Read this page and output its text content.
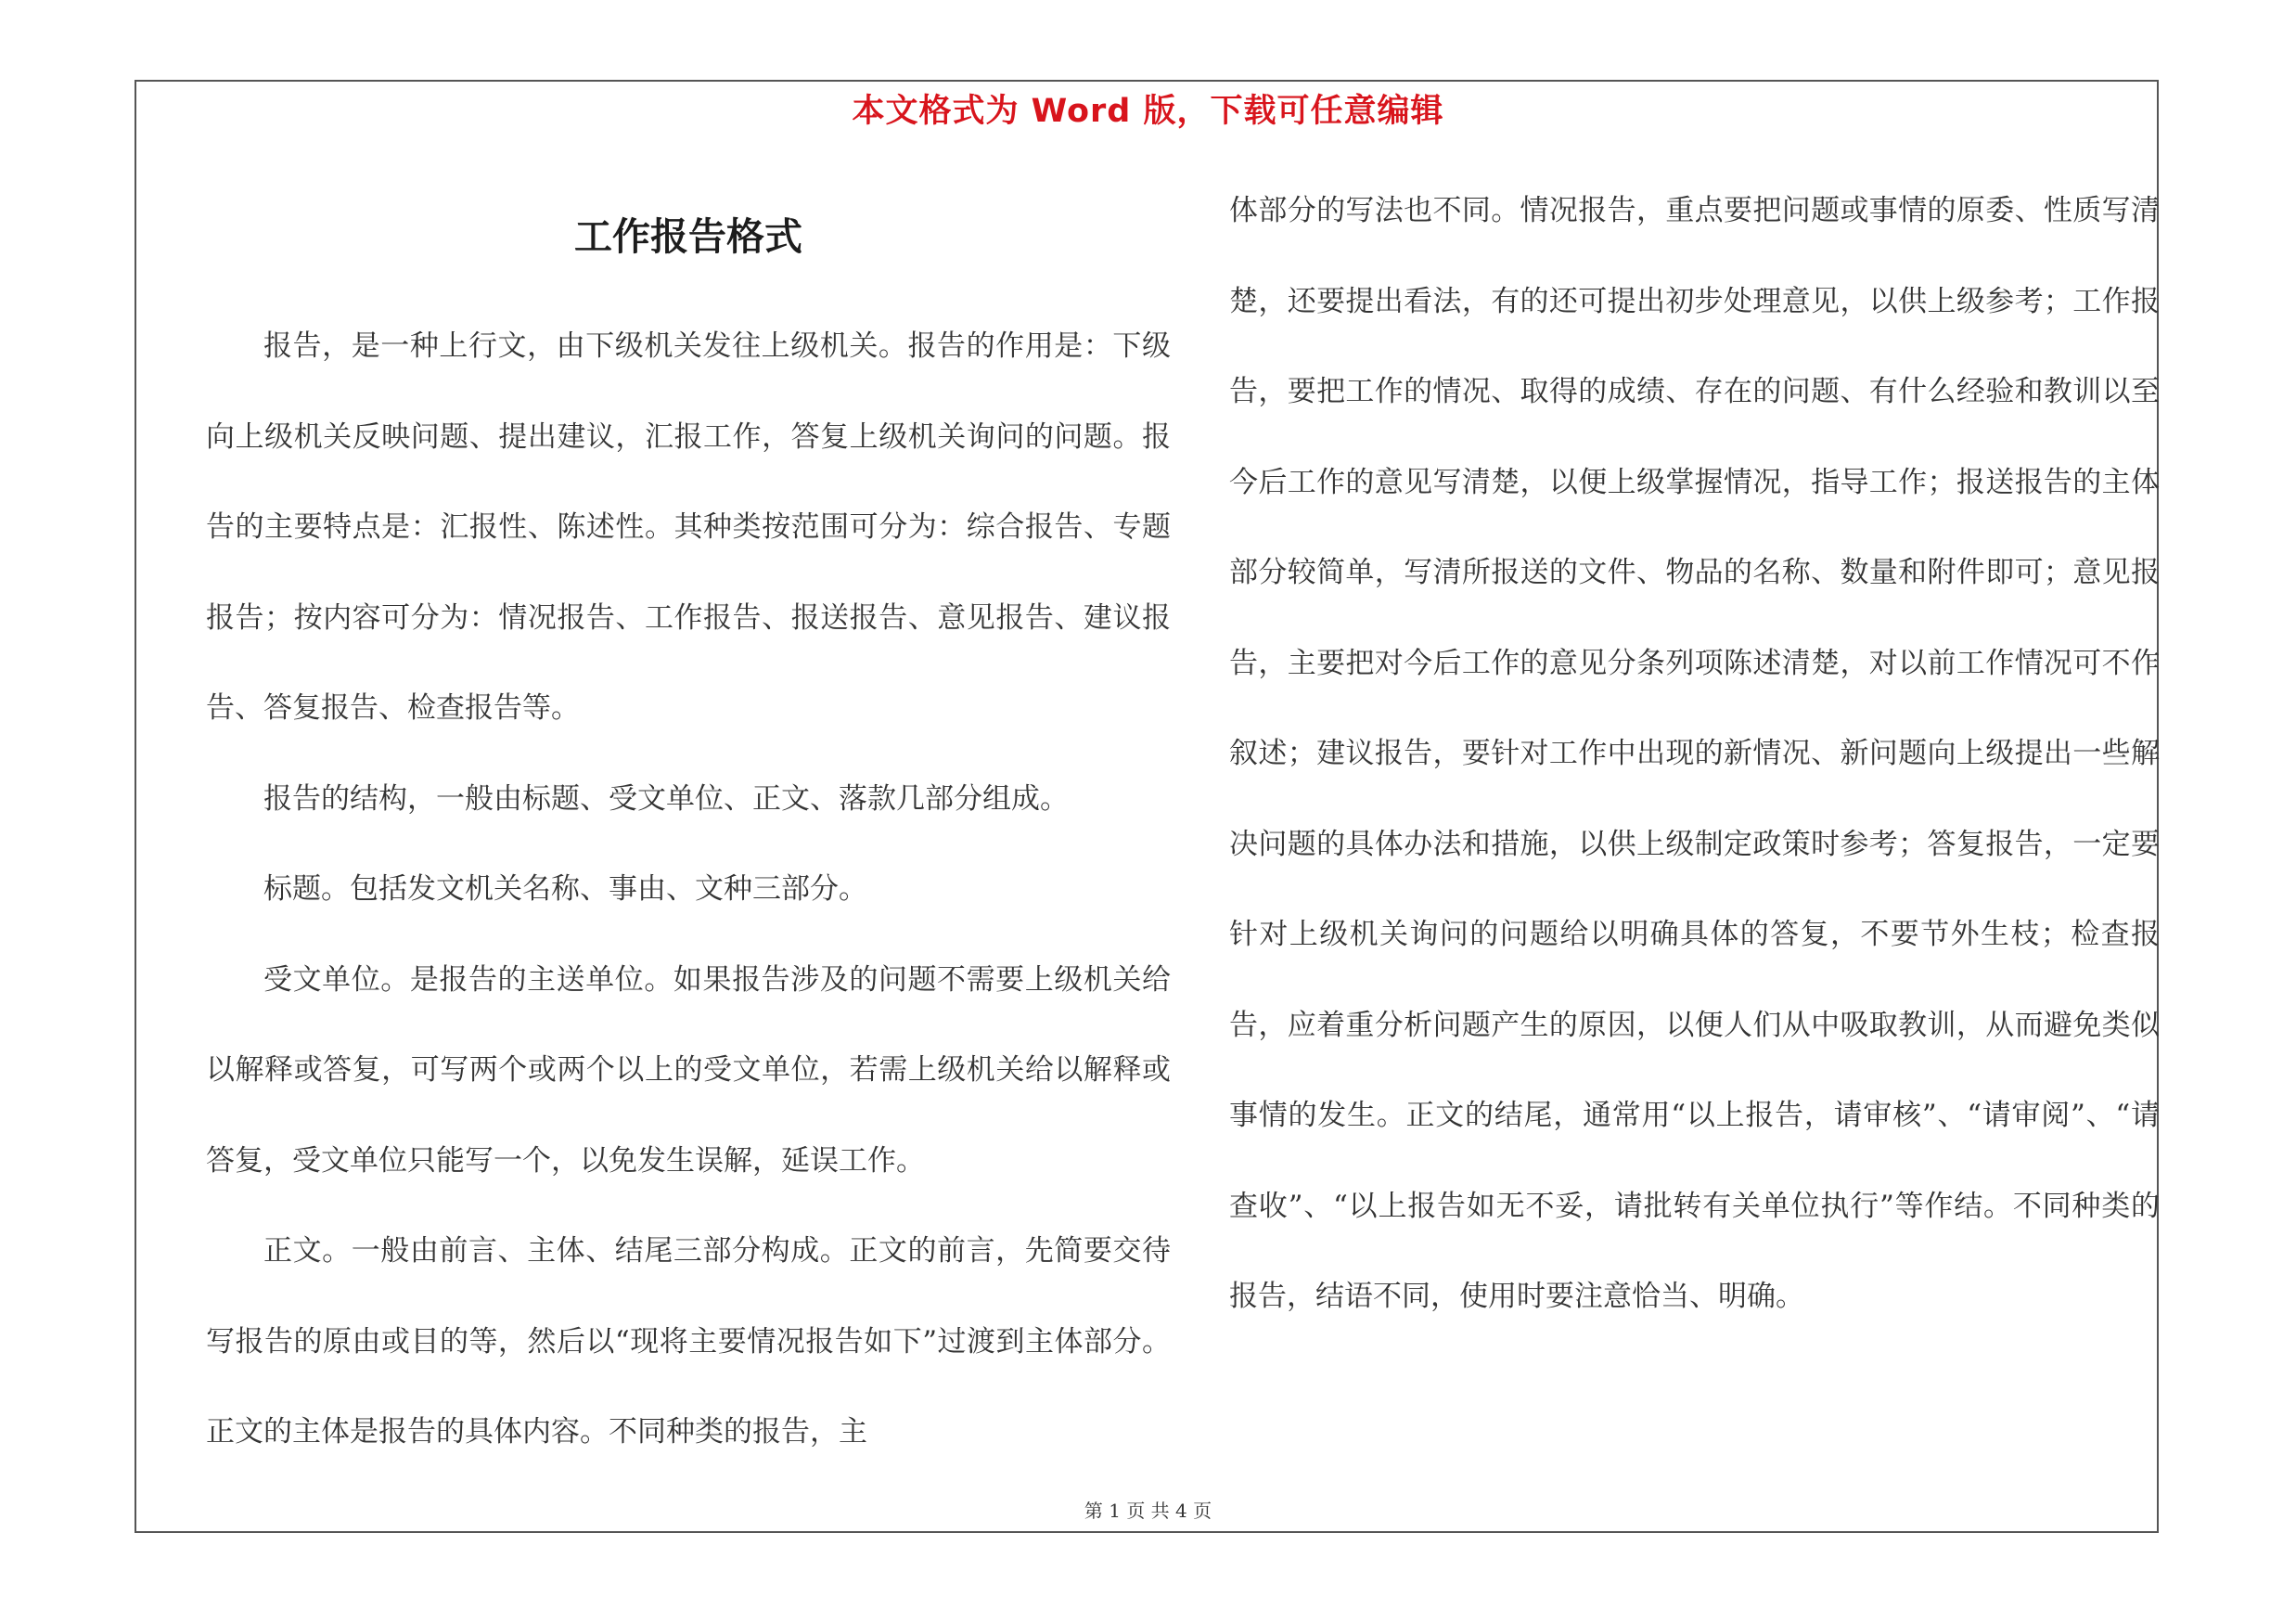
本文格式为 Word 版，下载可任意编辑
工作报告格式

报告，是一种上行文，由下级机关发往上级机关。报告的作用是：下级向上级机关反映问题、提出建议，汇报工作，答复上级机关询问的问题。报告的主要特点是：汇报性、陈述性。其种类按范围可分为：综合报告、专题报告；按内容可分为：情况报告、工作报告、报送报告、意见报告、建议报告、答复报告、检查报告等。

报告的结构，一般由标题、受文单位、正文、落款几部分组成。

标题。包括发文机关名称、事由、文种三部分。

受文单位。是报告的主送单位。如果报告涉及的问题不需要上级机关给以解释或答复，可写两个或两个以上的受文单位，若需上级机关给以解释或答复，受文单位只能写一个，以免发生误解，延误工作。

正文。一般由前言、主体、结尾三部分构成。正文的前言，先简要交待写报告的原由或目的等，然后以“现将主要情况报告如下”过渡到主体部分。正文的主体是报告的具体内容。不同种类的报告，主

体部分的写法也不同。情况报告，重点要把问题或事情的原委、性质写清楚，还要提出看法，有的还可提出初步处理意见，以供上级参考；工作报告，要把工作的情况、取得的成绩、存在的问题、有什么经验和教训以至今后工作的意见写清楚，以便上级掌握情况，指导工作；报送报告的主体部分较简单，写清所报送的文件、物品的名称、数量和附件即可；意见报告，主要把对今后工作的意见分条列项陈述清楚，对以前工作情况可不作叙述；建议报告，要针对工作中出现的新情况、新问题向上级提出一些解决问题的具体办法和措施，以供上级制定政策时参考；答复报告，一定要针对上级机关询问的问题给以明确具体的答复，不要节外生枝；检查报告，应着重分析问题产生的原因，以便人们从中吸取教训，从而避免类似事情的发生。正文的结尾，通常用“以上报告，请审核”、“请审阅”、“请查收”、“以上报告如无不妥，请批转有关单位执行”等作结。不同种类的报告，结语不同，使用时要注意恰当、明确。

第 1 页 共 4 页
